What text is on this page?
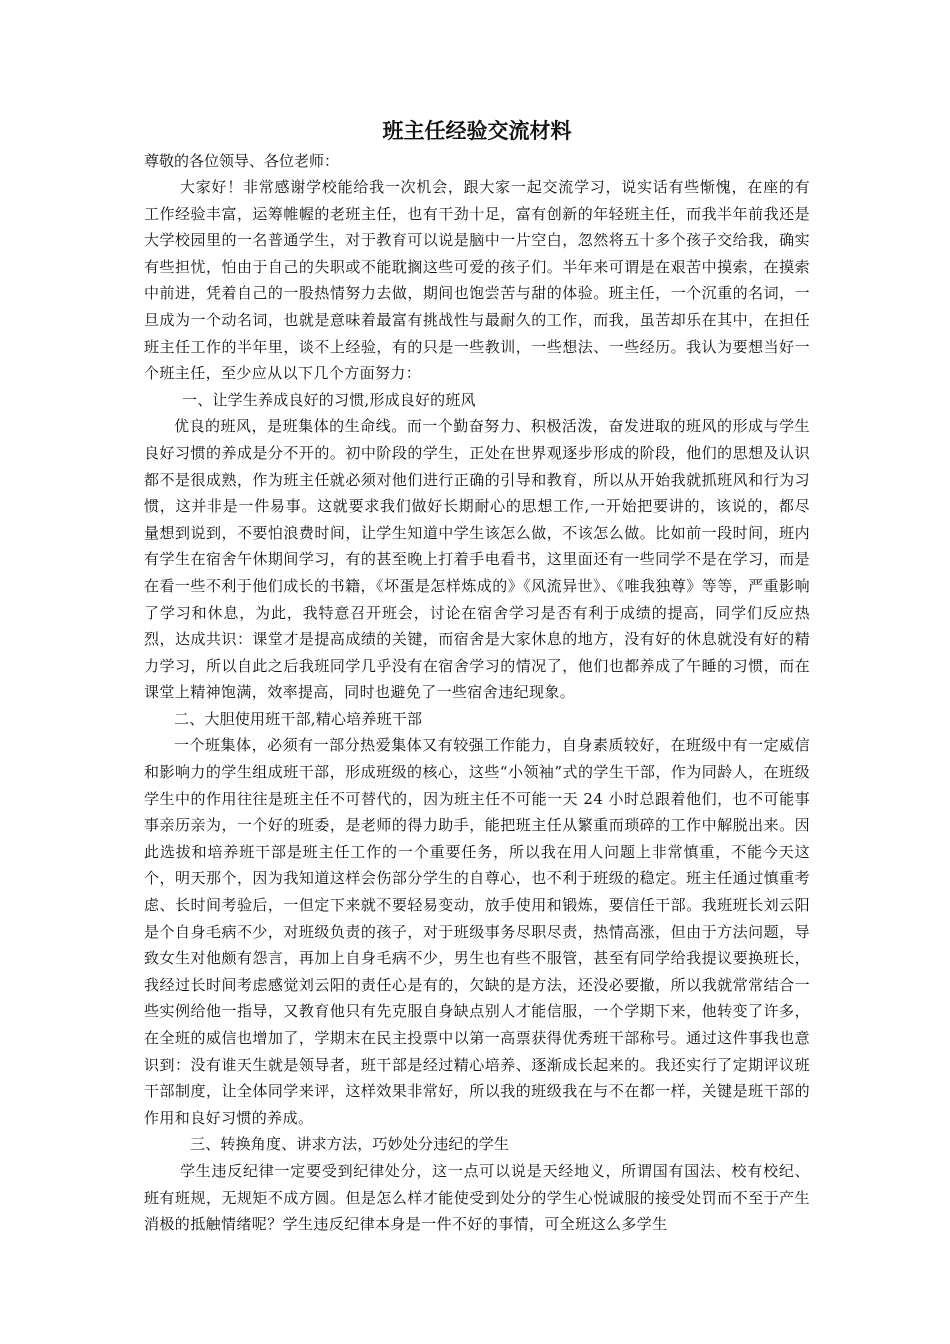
班主任经验交流材料

尊敬的各位领导、各位老师：

大家好！非常感谢学校能给我一次机会，跟大家一起交流学习，说实话有些惭愧，在座的有工作经验丰富，运筹帷幄的老班主任，也有干劲十足，富有创新的年轻班主任，而我半年前我还是大学校园里的一名普通学生，对于教育可以说是脑中一片空白，忽然将五十多个孩子交给我，确实有些担忧，怕由于自己的失职或不能耽搁这些可爱的孩子们。半年来可谓是在艰苦中摸索，在摸索中前进，凭着自己的一股热情努力去做，期间也饱尝苦与甜的体验。班主任，一个沉重的名词，一旦成为一个动名词，也就是意味着最富有挑战性与最耐久的工作，而我，虽苦却乐在其中，在担任班主任工作的半年里，谈不上经验，有的只是一些教训，一些想法、一些经历。我认为要想当好一个班主任，至少应从以下几个方面努力：

一、让学生养成良好的习惯,形成良好的班风

优良的班风，是班集体的生命线。而一个勤奋努力、积极活泼，奋发进取的班风的形成与学生良好习惯的养成是分不开的。初中阶段的学生，正处在世界观逐步形成的阶段，他们的思想及认识都不是很成熟，作为班主任就必须对他们进行正确的引导和教育，所以从开始我就抓班风和行为习惯，这并非是一件易事。这就要求我们做好长期耐心的思想工作,一开始把要讲的，该说的，都尽量想到说到，不要怕浪费时间，让学生知道中学生该怎么做，不该怎么做。比如前一段时间，班内有学生在宿舍午休期间学习，有的甚至晚上打着手电看书，这里面还有一些同学不是在学习，而是在看一些不利于他们成长的书籍，《坏蛋是怎样炼成的》《风流异世》、《唯我独尊》等等，严重影响了学习和休息，为此，我特意召开班会，讨论在宿舍学习是否有利于成绩的提高，同学们反应热烈，达成共识：课堂才是提高成绩的关键，而宿舍是大家休息的地方，没有好的休息就没有好的精力学习，所以自此之后我班同学几乎没有在宿舍学习的情况了，他们也都养成了午睡的习惯，而在课堂上精神饱满，效率提高，同时也避免了一些宿舍违纪现象。

二、大胆使用班干部,精心培养班干部

一个班集体，必须有一部分热爱集体又有较强工作能力，自身素质较好，在班级中有一定威信和影响力的学生组成班干部，形成班级的核心，这些“小领袖”式的学生干部，作为同龄人，在班级学生中的作用往往是班主任不可替代的，因为班主任不可能一天 24 小时总跟着他们，也不可能事事亲历亲为，一个好的班委，是老师的得力助手，能把班主任从繁重而琐碎的工作中解脱出来。因此选拔和培养班干部是班主任工作的一个重要任务，所以我在用人问题上非常慎重，不能今天这个，明天那个，因为我知道这样会伤部分学生的自尊心，也不利于班级的稳定。班主任通过慎重考虑、长时间考验后，一但定下来就不要轻易变动，放手使用和锻炼，要信任干部。我班班长刘云阳是个自身毛病不少，对班级负责的孩子，对于班级事务尽职尽责，热情高涨，但由于方法问题，导致女生对他颇有怨言，再加上自身毛病不少，男生也有些不服管，甚至有同学给我提议要换班长，我经过长时间考虑感觉刘云阳的责任心是有的，欠缺的是方法，还没必要撤，所以我就常常结合一些实例给他一指导，又教育他只有先克服自身缺点别人才能信服，一个学期下来，他转变了许多，在全班的威信也增加了，学期末在民主投票中以第一高票获得优秀班干部称号。通过这件事我也意识到：没有谁天生就是领导者，班干部是经过精心培养、逐渐成长起来的。我还实行了定期评议班干部制度，让全体同学来评，这样效果非常好，所以我的班级我在与不在都一样，关键是班干部的作用和良好习惯的养成。

三、转换角度、讲求方法，巧妙处分违纪的学生

学生违反纪律一定要受到纪律处分，这一点可以说是天经地义，所谓国有国法、校有校纪、班有班规，无规矩不成方圆。但是怎么样才能使受到处分的学生心悦诚服的接受处罚而不至于产生消极的抵触情绪呢？学生违反纪律本身是一件不好的事情，可全班这么多学生
